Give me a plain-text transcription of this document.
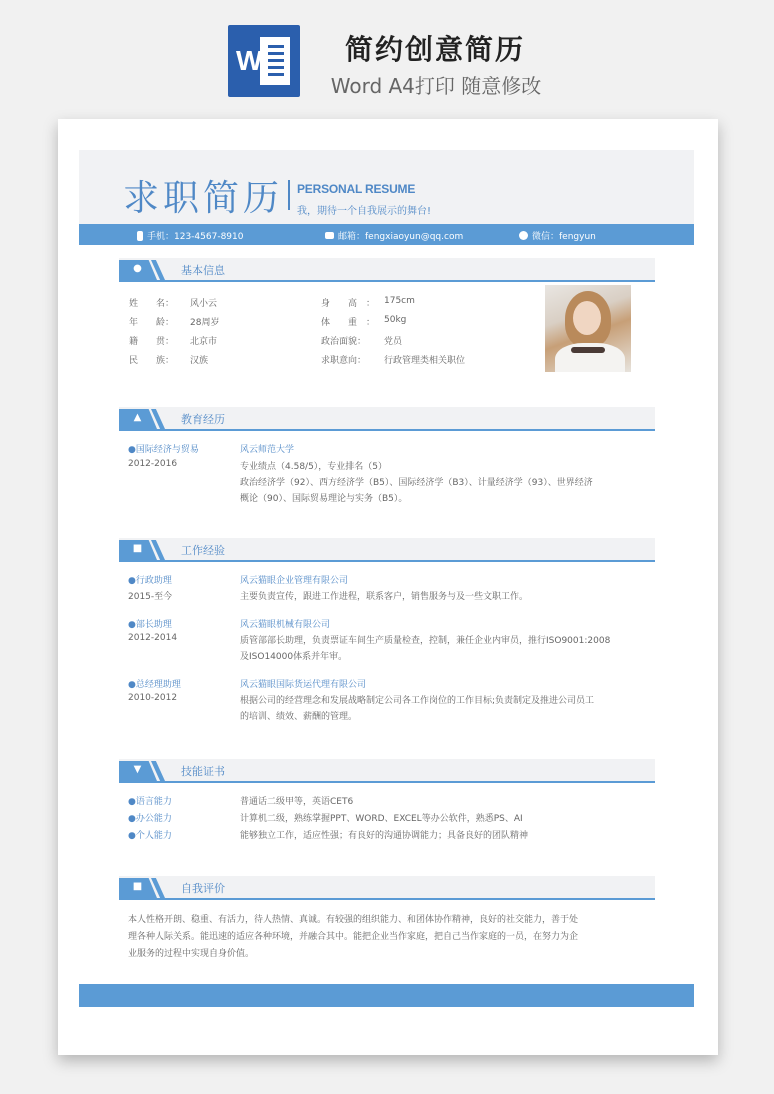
W	简约创意简历
Word A4打印 随意修改
求职简历 PERSONAL RESUME
我，期待一个自我展示的舞台!
手机：123-4567-8910	邮箱：fengxiaoyun@qq.com	微信：fengyun
●	基本信息
姓　　名： 风小云
年　　龄： 28周岁
籍　　贯： 北京市
民　　族： 汉族
身　　高　： 175cm
体　　重　： 50kg
政治面貌： 党员
求职意向： 行政管理类相关职位
▲	教育经历
●国际经济与贸易
2012-2016
风云师范大学
专业绩点（4.58/5），专业排名（5）
政治经济学（92）、西方经济学（B5）、国际经济学（B3）、计量经济学（93）、世界经济
概论（90）、国际贸易理论与实务（B5）。
■	工作经验
●行政助理
2015-至今
风云猫眼企业管理有限公司
主要负责宣传，跟进工作进程，联系客户，销售服务与及一些文职工作。
●部长助理
2012-2014
风云猫眼机械有限公司
质管部部长助理，负责票证车间生产质量检查，控制，兼任企业内审员，推行ISO9001:2008
及ISO14000体系并年审。
●总经理助理
2010-2012
风云猫眼国际货运代理有限公司
根据公司的经营理念和发展战略制定公司各工作岗位的工作目标;负责制定及推进公司员工
的培训、绩效、薪酬的管理。
▼	技能证书
●语言能力	普通话二级甲等，英语CET6
●办公能力	计算机二级，熟练掌握PPT、WORD、EXCEL等办公软件，熟悉PS、AI
●个人能力	能够独立工作，适应性强；有良好的沟通协调能力；具备良好的团队精神
■	自我评价
本人性格开朗、稳重、有活力，待人热情、真诚。有较强的组织能力、和团体协作精神，良好的社交能力，善于处
理各种人际关系。能迅速的适应各种环境，并融合其中。能把企业当作家庭，把自己当作家庭的一员，在努力为企
业服务的过程中实现自身价值。
